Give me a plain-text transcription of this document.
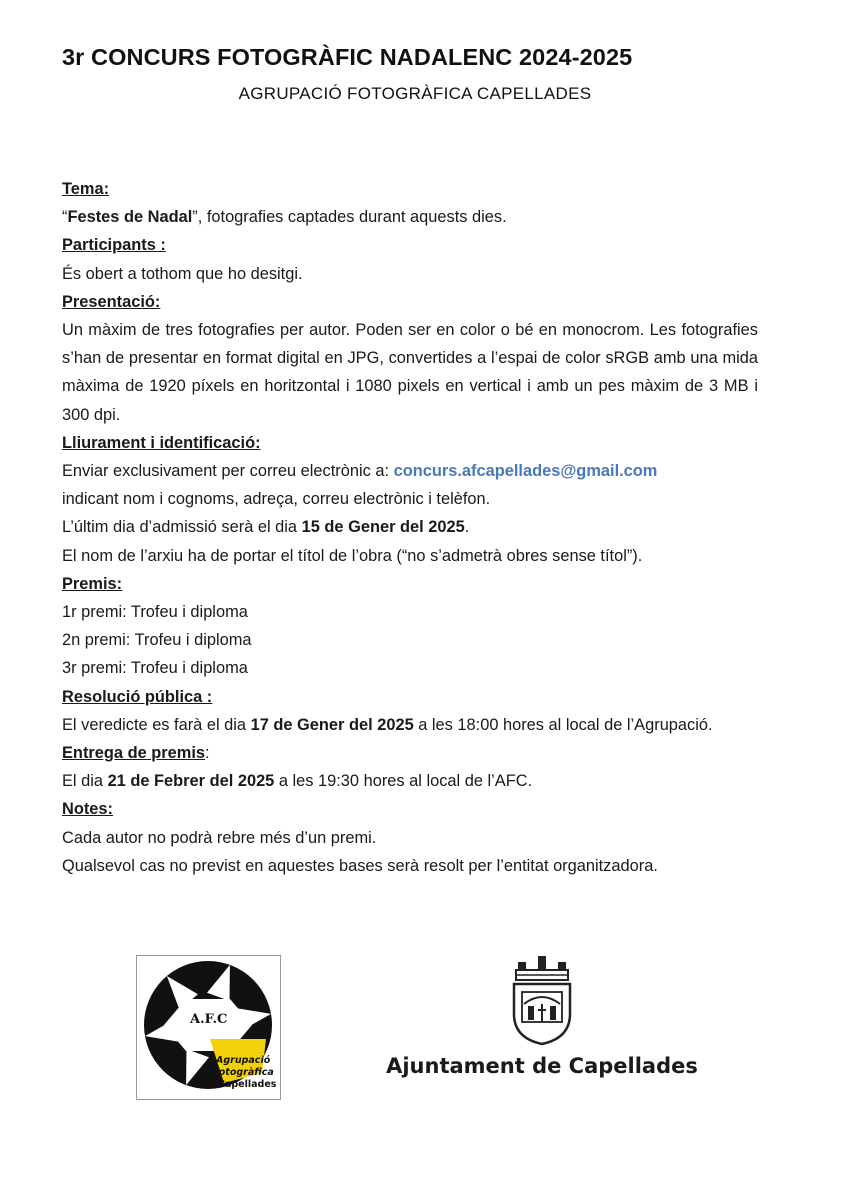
3r CONCURS FOTOGRÀFIC NADALENC 2024-2025
AGRUPACIÓ FOTOGRÀFICA CAPELLADES

Tema:

“Festes de Nadal”, fotografies captades durant aquests dies.

Participants :

És obert a tothom que ho desitgi.

Presentació:

Un màxim de tres fotografies per autor. Poden ser en color o bé en monocrom. Les fotografies s’han de presentar en format digital en JPG, convertides a l’espai de color sRGB amb una mida màxima de 1920 píxels en horitzontal i 1080 pixels en vertical i amb un pes màxim de 3 MB i 300 dpi.

Lliurament i identificació:

Enviar exclusivament per correu electrònic a: concurs.afcapellades@gmail.com

indicant nom i cognoms, adreça, correu electrònic i telèfon.

L’últim dia d’admissió serà el dia 15 de Gener del 2025.

El nom de l’arxiu ha de portar el títol de l’obra (“no s’admetrà obres sense títol”).

Premis:

1r premi: Trofeu i diploma

2n premi: Trofeu i diploma

3r premi: Trofeu i diploma

Resolució pública :

El veredicte es farà el dia 17 de Gener del 2025 a les 18:00 hores al local de l’Agrupació.

Entrega de premis:

El dia 21 de Febrer del 2025 a les 19:30 hores al local de l’AFC.

Notes:

Cada autor no podrà rebre més d’un premi.

Qualsevol cas no previst en aquestes bases serà resolt per l’entitat organitzadora.

A.F.C
Agrupació
Fotogràfica
Capellades
Ajuntament de Capellades
